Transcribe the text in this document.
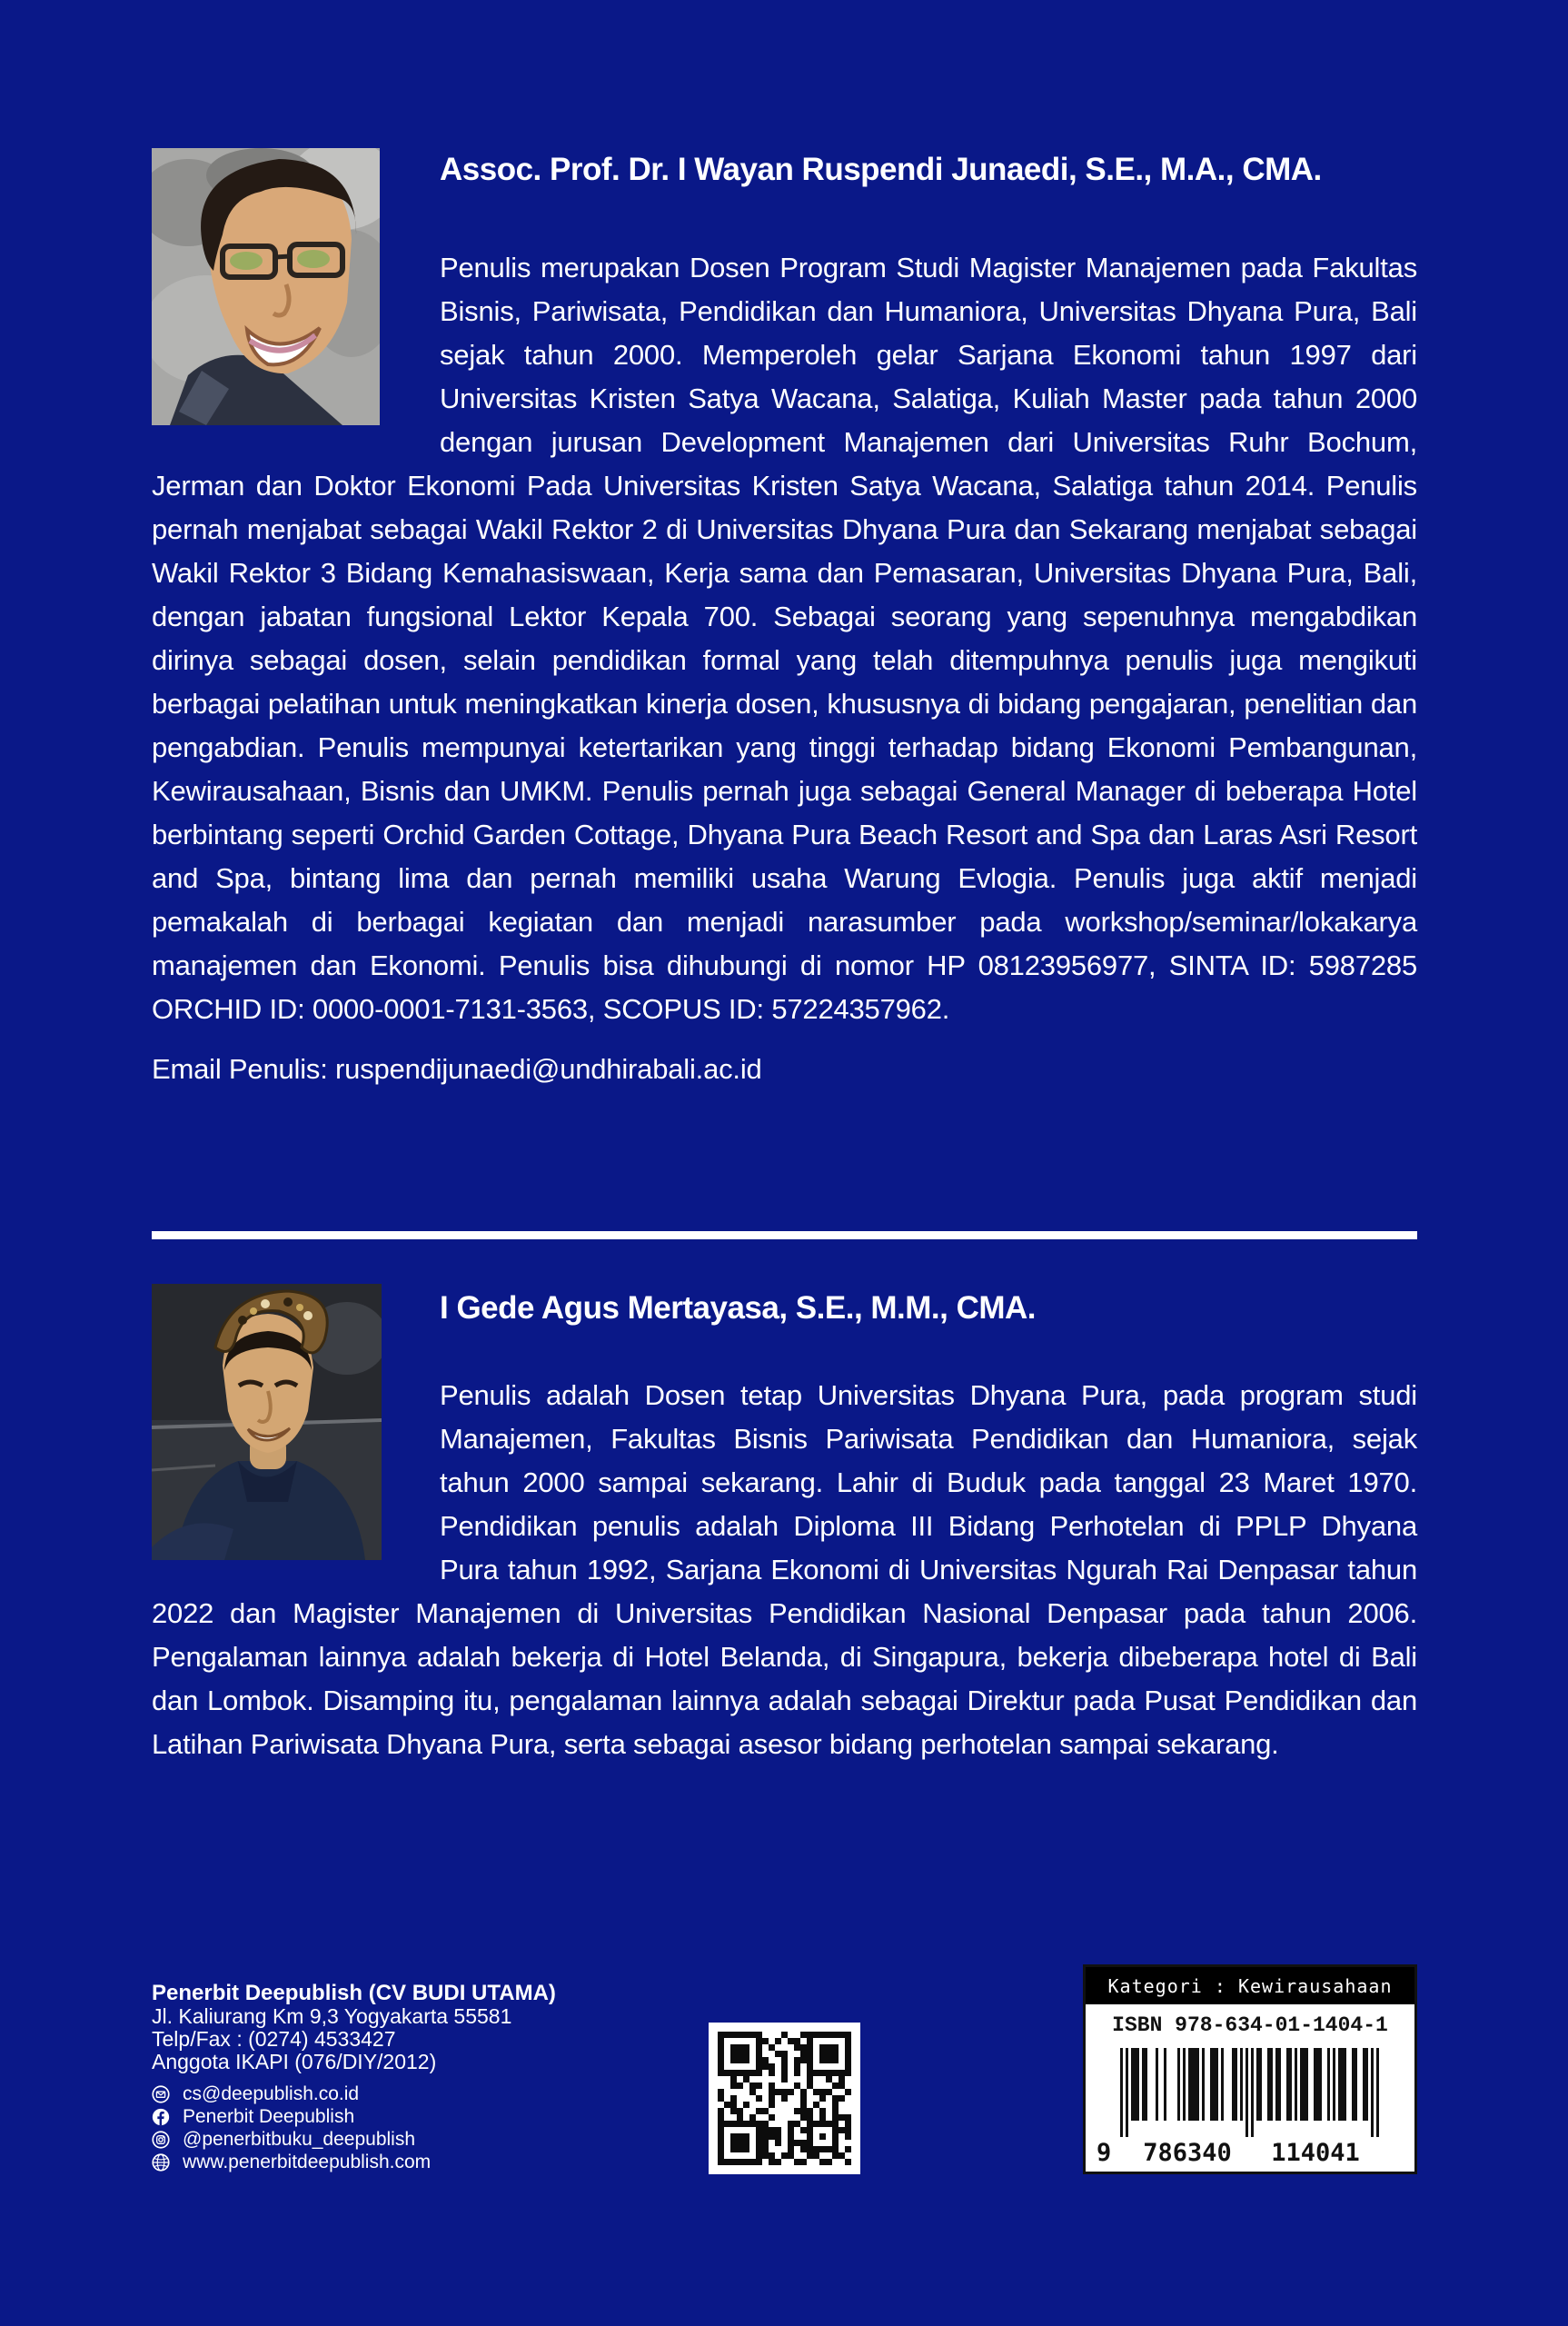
Assoc. Prof. Dr. I Wayan Ruspendi Junaedi, S.E., M.A., CMA.

Penulis merupakan Dosen Program Studi Magister Manajemen pada Fakultas Bisnis, Pariwisata, Pendidikan dan Humaniora, Universitas Dhyana Pura, Bali sejak tahun 2000. Memperoleh gelar Sarjana Ekonomi tahun 1997 dari Universitas Kristen Satya Wacana, Salatiga, Kuliah Master pada tahun 2000 dengan jurusan Development Manajemen dari Universitas Ruhr Bochum, Jerman dan Doktor Ekonomi Pada Universitas Kristen Satya Wacana, Salatiga tahun 2014. Penulis pernah menjabat sebagai Wakil Rektor 2 di Universitas Dhyana Pura dan Sekarang menjabat sebagai Wakil Rektor 3 Bidang Kemahasiswaan, Kerja sama dan Pemasaran, Universitas Dhyana Pura, Bali, dengan jabatan fungsional Lektor Kepala 700. Sebagai seorang yang sepenuhnya mengabdikan dirinya sebagai dosen, selain pendidikan formal yang telah ditempuhnya penulis juga mengikuti berbagai pelatihan untuk meningkatkan kinerja dosen, khususnya di bidang pengajaran, penelitian dan pengabdian. Penulis mempunyai ketertarikan yang tinggi terhadap bidang Ekonomi Pembangunan, Kewirausahaan, Bisnis dan UMKM. Penulis pernah juga sebagai General Manager di beberapa Hotel berbintang seperti Orchid Garden Cottage, Dhyana Pura Beach Resort and Spa dan Laras Asri Resort and Spa, bintang lima dan pernah memiliki usaha Warung Evlogia. Penulis juga aktif menjadi pemakalah di berbagai kegiatan dan menjadi narasumber pada workshop/seminar/lokakarya manajemen dan Ekonomi. Penulis bisa dihubungi di nomor HP 08123956977, SINTA ID: 5987285 ORCHID ID: 0000-0001-7131-3563, SCOPUS ID: 57224357962.

Email Penulis: ruspendijunaedi@undhirabali.ac.id

I Gede Agus Mertayasa, S.E., M.M., CMA.

Penulis adalah Dosen tetap Universitas Dhyana Pura, pada program studi Manajemen, Fakultas Bisnis Pariwisata Pendidikan dan Humaniora, sejak tahun 2000 sampai sekarang. Lahir di Buduk pada tanggal 23 Maret 1970. Pendidikan penulis adalah Diploma III Bidang Perhotelan di PPLP Dhyana Pura tahun 1992, Sarjana Ekonomi di Universitas Ngurah Rai Denpasar tahun 2022 dan Magister Manajemen di Universitas Pendidikan Nasional Denpasar pada tahun 2006. Pengalaman lainnya adalah bekerja di Hotel Belanda, di Singapura, bekerja dibeberapa hotel di Bali dan Lombok. Disamping itu, pengalaman lainnya adalah sebagai Direktur pada Pusat Pendidikan dan Latihan Pariwisata Dhyana Pura, serta sebagai asesor bidang perhotelan sampai sekarang.

Penerbit Deepublish (CV BUDI UTAMA)

Jl. Kaliurang Km 9,3 Yogyakarta 55581

Telp/Fax : (0274) 4533427

Anggota IKAPI (076/DIY/2012)

cs@deepublish.co.id
Penerbit Deepublish
@penerbitbuku_deepublish
www.penerbitdeepublish.com
Kategori : Kewirausahaan
ISBN 978-634-01-1404-1
9 786340 114041
